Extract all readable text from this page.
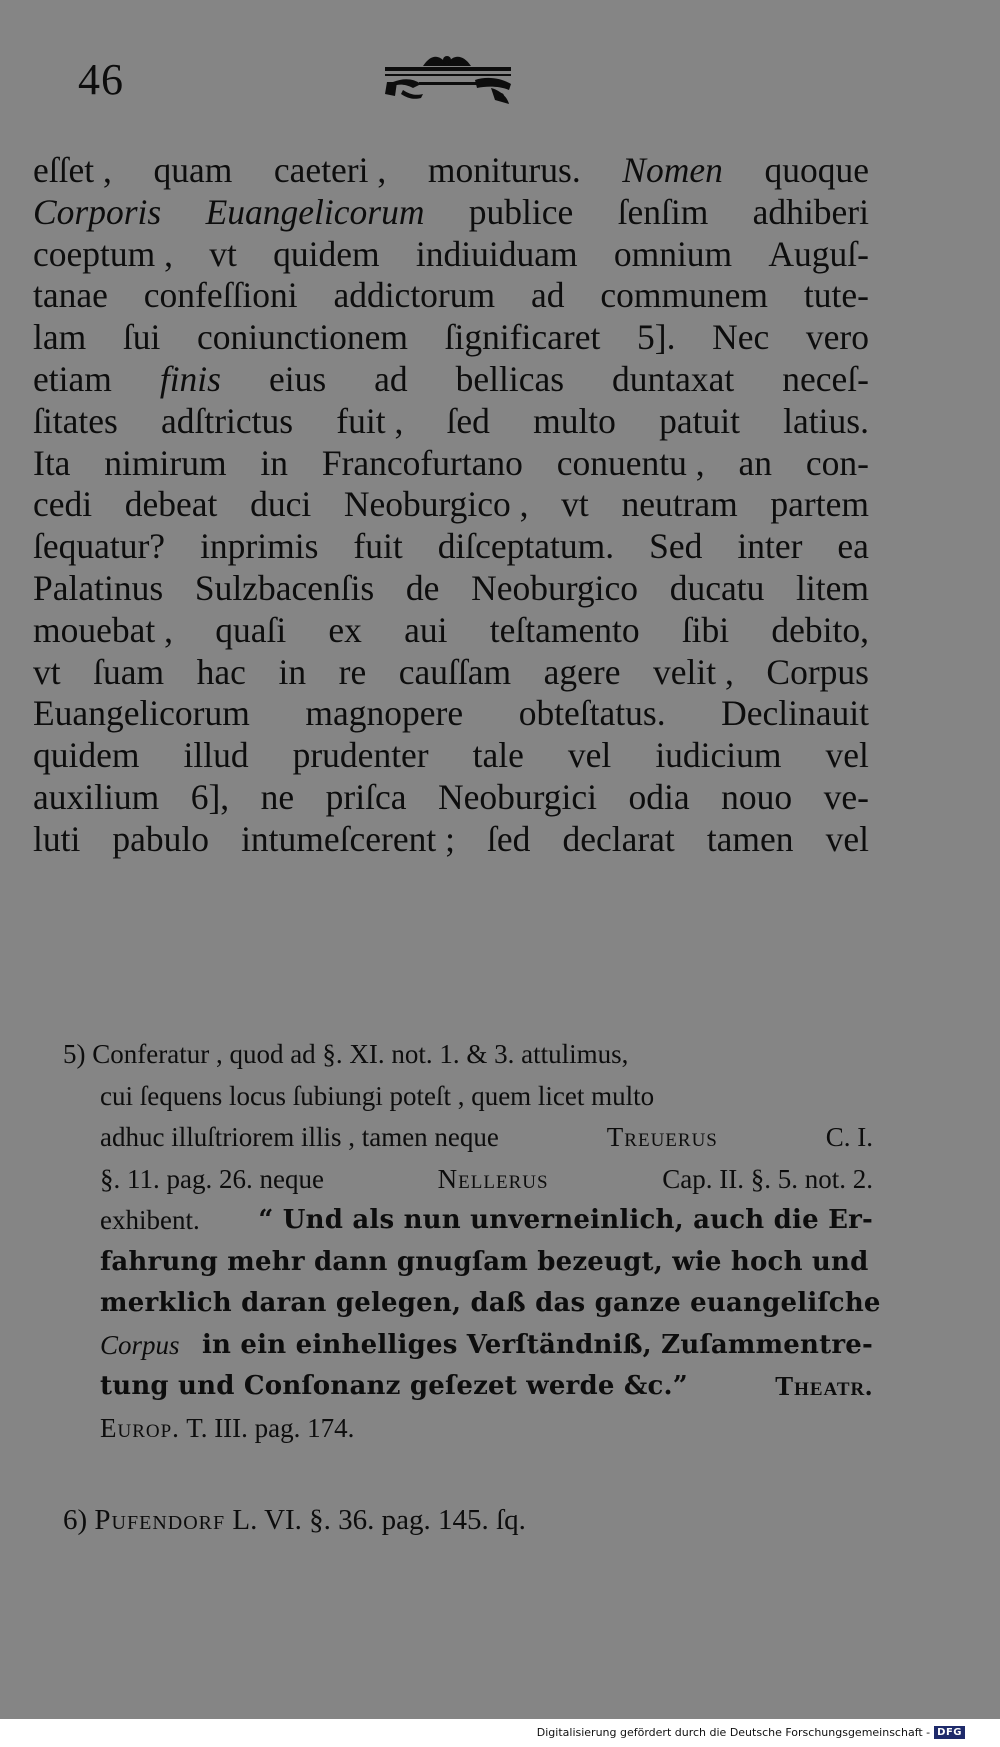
46
eſſet , quam caeteri , moniturus. Nomen quoque
Corporis Euangelicorum publice ſenſim adhiberi
coeptum , vt quidem indiuiduam omnium Auguſ-
tanae confeſſioni addictorum ad communem tute-
lam ſui coniunctionem ſignificaret 5]. Nec vero
etiam finis eius ad bellicas duntaxat neceſ-
ſitates adſtrictus fuit , ſed multo patuit latius.
Ita nimirum in Francofurtano conuentu , an con-
cedi debeat duci Neoburgico , vt neutram partem
ſequatur? inprimis fuit diſceptatum. Sed inter ea
Palatinus Sulzbacenſis de Neoburgico ducatu litem
mouebat , quaſi ex aui teſtamento ſibi debito,
vt ſuam hac in re cauſſam agere velit , Corpus
Euangelicorum magnopere obteſtatus. Declinauit
quidem illud prudenter tale vel iudicium vel
auxilium 6], ne priſca Neoburgici odia nouo ve-
luti pabulo intumeſcerent ; ſed declarat tamen vel
5) Conferatur , quod ad §. XI. not. 1. & 3. attulimus,
cui ſequens locus ſubiungi poteſt , quem licet multo
adhuc illuſtriorem illis , tamen neque	Treuerus	C. I.
§. 11. pag. 26. neque	Nellerus	Cap. II. §. 5. not. 2.
exhibent. “ Und als nun unverneinlich, auch die Er-
fahrung mehr dann gnugſam bezeugt, wie hoch und
merklich daran gelegen, daß das ganze euangeliſche
Corpus in ein einhelliges Verſtändniß, Zuſammentre-
tung und Conſonanz geſezet werde &c.”	Theatr.
Europ. T. III. pag. 174.
6) Pufendorf L. VI. §. 36. pag. 145. ſq.
Digitalisierung gefördert durch die Deutsche Forschungsgemeinschaft - DFG
